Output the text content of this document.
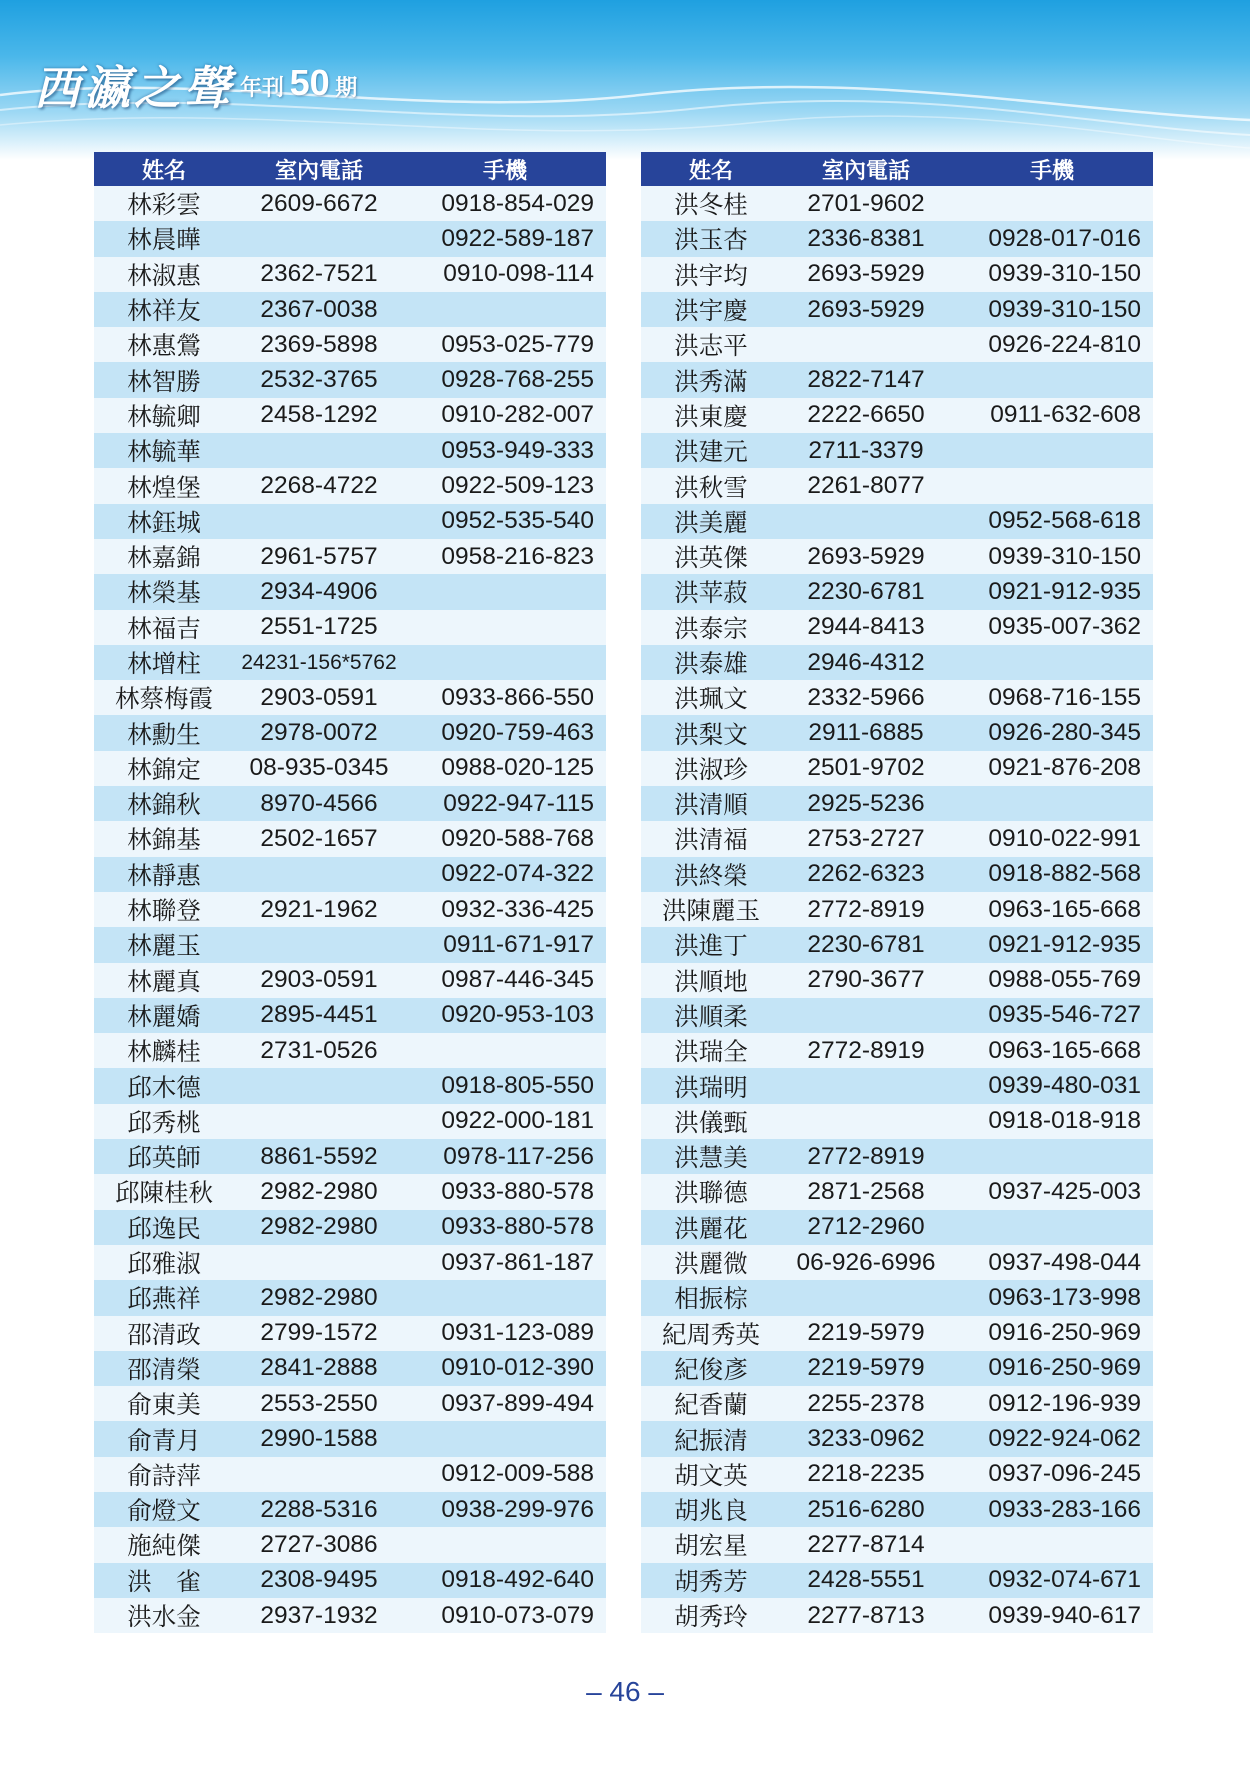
西瀛之聲 年刊 50 期
姓名	室內電話	手機
林彩雲	2609-6672	0918-854-029
林晨曄		0922-589-187
林淑惠	2362-7521	0910-098-114
林祥友	2367-0038	
林惠鶯	2369-5898	0953-025-779
林智勝	2532-3765	0928-768-255
林毓卿	2458-1292	0910-282-007
林毓華		0953-949-333
林煌堡	2268-4722	0922-509-123
林鈺城		0952-535-540
林嘉錦	2961-5757	0958-216-823
林榮基	2934-4906	
林福吉	2551-1725	
林增柱	24231-156*5762	
林蔡梅霞	2903-0591	0933-866-550
林勳生	2978-0072	0920-759-463
林錦定	08-935-0345	0988-020-125
林錦秋	8970-4566	0922-947-115
林錦基	2502-1657	0920-588-768
林靜惠		0922-074-322
林聯登	2921-1962	0932-336-425
林麗玉		0911-671-917
林麗真	2903-0591	0987-446-345
林麗嬌	2895-4451	0920-953-103
林麟桂	2731-0526	
邱木德		0918-805-550
邱秀桃		0922-000-181
邱英師	8861-5592	0978-117-256
邱陳桂秋	2982-2980	0933-880-578
邱逸民	2982-2980	0933-880-578
邱雅淑		0937-861-187
邱燕祥	2982-2980	
邵清政	2799-1572	0931-123-089
邵清榮	2841-2888	0910-012-390
俞東美	2553-2550	0937-899-494
俞青月	2990-1588	
俞詩萍		0912-009-588
俞燈文	2288-5316	0938-299-976
施純傑	2727-3086	
洪　雀	2308-9495	0918-492-640
洪水金	2937-1932	0910-073-079
姓名	室內電話	手機
洪冬桂	2701-9602	
洪玉杏	2336-8381	0928-017-016
洪宇均	2693-5929	0939-310-150
洪宇慶	2693-5929	0939-310-150
洪志平		0926-224-810
洪秀滿	2822-7147	
洪東慶	2222-6650	0911-632-608
洪建元	2711-3379	
洪秋雪	2261-8077	
洪美麗		0952-568-618
洪英傑	2693-5929	0939-310-150
洪苹菽	2230-6781	0921-912-935
洪泰宗	2944-8413	0935-007-362
洪泰雄	2946-4312	
洪珮文	2332-5966	0968-716-155
洪梨文	2911-6885	0926-280-345
洪淑珍	2501-9702	0921-876-208
洪清順	2925-5236	
洪清福	2753-2727	0910-022-991
洪終榮	2262-6323	0918-882-568
洪陳麗玉	2772-8919	0963-165-668
洪進丁	2230-6781	0921-912-935
洪順地	2790-3677	0988-055-769
洪順柔		0935-546-727
洪瑞全	2772-8919	0963-165-668
洪瑞明		0939-480-031
洪儀甄		0918-018-918
洪慧美	2772-8919	
洪聯德	2871-2568	0937-425-003
洪麗花	2712-2960	
洪麗微	06-926-6996	0937-498-044
相振棕		0963-173-998
紀周秀英	2219-5979	0916-250-969
紀俊彥	2219-5979	0916-250-969
紀香蘭	2255-2378	0912-196-939
紀振清	3233-0962	0922-924-062
胡文英	2218-2235	0937-096-245
胡兆良	2516-6280	0933-283-166
胡宏星	2277-8714	
胡秀芳	2428-5551	0932-074-671
胡秀玲	2277-8713	0939-940-617
– 46 –
